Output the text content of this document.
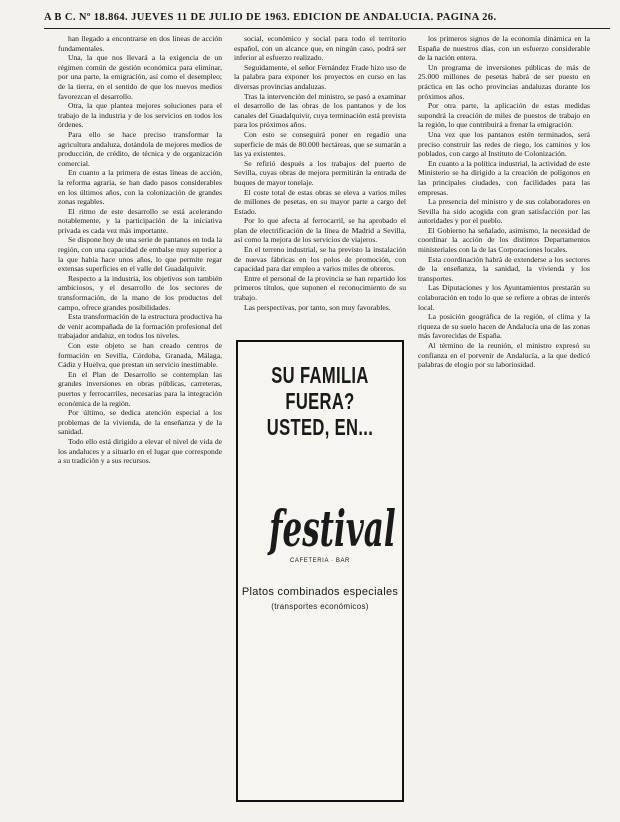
A B C. Nº 18.864. JUEVES 11 DE JULIO DE 1963. EDICION DE ANDALUCIA. PAGINA 26.

han llegado a encontrarse en dos lineas de acción fundamentales.

Una, la que nos llevará a la exigencia de un régimen común de gestión económica para eliminar, por una parte, la emigración, así como el desempleo; de la tierra, en el sentido de que los nuevos medios favorezcan el desarrollo.

Otra, la que plantea mejores soluciones para el trabajo de la industria y de los servicios en todos los órdenes.

Para ello se hace preciso transformar la agricultura andaluza, dotándola de mejores medios de producción, de crédito, de técnica y de organización comercial.

En cuanto a la primera de estas líneas de acción, la reforma agraria, se han dado pasos considerables en los últimos años, con la colonización de grandes zonas regables.

El ritmo de este desarrollo se está acelerando notablemente, y la participación de la iniciativa privada es cada vez más importante.

Se dispone hoy de una serie de pantanos en toda la región, con una capacidad de embalse muy superior a la que había hace unos años, lo que permite regar extensas superficies en el valle del Guadalquivir.

Respecto a la industria, los objetivos son también ambiciosos, y el desarrollo de los sectores de transformación, de la mano de los productos del campo, ofrece grandes posibilidades.

Esta transformación de la estructura productiva ha de venir acompañada de la formación profesional del trabajador andaluz, en todos los niveles.

Con este objeto se han creado centros de formación en Sevilla, Córdoba, Granada, Málaga, Cádiz y Huelva, que prestan un servicio inestimable.

En el Plan de Desarrollo se contemplan las grandes inversiones en obras públicas, carreteras, puertos y ferrocarriles, necesarias para la integración económica de la región.

Por último, se dedica atención especial a los problemas de la vivienda, de la enseñanza y de la sanidad.

Todo ello está dirigido a elevar el nivel de vida de los andaluces y a situarlo en el lugar que corresponde a su tradición y a sus recursos.

social, económico y social para todo el territorio español, con un alcance que, en ningún caso, podrá ser inferior al esfuerzo realizado.

Seguidamente, el señor Fernández Frade hizo uso de la palabra para exponer los proyectos en curso en las diversas provincias andaluzas.

Tras la intervención del ministro, se pasó a examinar el desarrollo de las obras de los pantanos y de los canales del Guadalquivir, cuya terminación está prevista para los próximos años.

Con esto se conseguirá poner en regadío una superficie de más de 80.000 hectáreas, que se sumarán a las ya existentes.

Se refirió después a los trabajos del puerto de Sevilla, cuyas obras de mejora permitirán la entrada de buques de mayor tonelaje.

El coste total de estas obras se eleva a varios miles de millones de pesetas, en su mayor parte a cargo del Estado.

Por lo que afecta al ferrocarril, se ha aprobado el plan de electrificación de la línea de Madrid a Sevilla, así como la mejora de los servicios de viajeros.

En el terreno industrial, se ha previsto la instalación de nuevas fábricas en los polos de promoción, con capacidad para dar empleo a varios miles de obreros.

Entre el personal de la provincia se han repartido los primeros títulos, que suponen el reconocimiento de su trabajo.

Las perspectivas, por tanto, son muy favorables.

los primeros signos de la economía dinámica en la España de nuestros días, con un esfuerzo considerable de la nación entera.

Un programa de inversiones públicas de más de 25.000 millones de pesetas habrá de ser puesto en práctica en las ocho provincias andaluzas durante los próximos años.

Por otra parte, la aplicación de estas medidas supondrá la creación de miles de puestos de trabajo en la región, lo que contribuirá a frenar la emigración.

Una vez que los pantanos estén terminados, será preciso construir las redes de riego, los caminos y los poblados, con cargo al Instituto de Colonización.

En cuanto a la política industrial, la actividad de este Ministerio se ha dirigido a la creación de polígonos en las principales ciudades, con facilidades para las empresas.

La presencia del ministro y de sus colaboradores en Sevilla ha sido acogida con gran satisfacción por las autoridades y por el pueblo.

El Gobierno ha señalado, asimismo, la necesidad de coordinar la acción de los distintos Departamentos ministeriales con la de las Corporaciones locales.

Esta coordinación habrá de extenderse a los sectores de la enseñanza, la sanidad, la vivienda y los transportes.

Las Diputaciones y los Ayuntamientos prestarán su colaboración en todo lo que se refiere a obras de interés local.

La posición geográfica de la región, el clima y la riqueza de su suelo hacen de Andalucía una de las zonas más favorecidas de España.

Al término de la reunión, el ministro expresó su confianza en el porvenir de Andalucía, a la que dedicó palabras de elogio por su laboriosidad.

SU FAMILIA FUERA?
USTED, EN...
festival
CAFETERIA · BAR
Platos combinados especiales
(transportes económicos)
